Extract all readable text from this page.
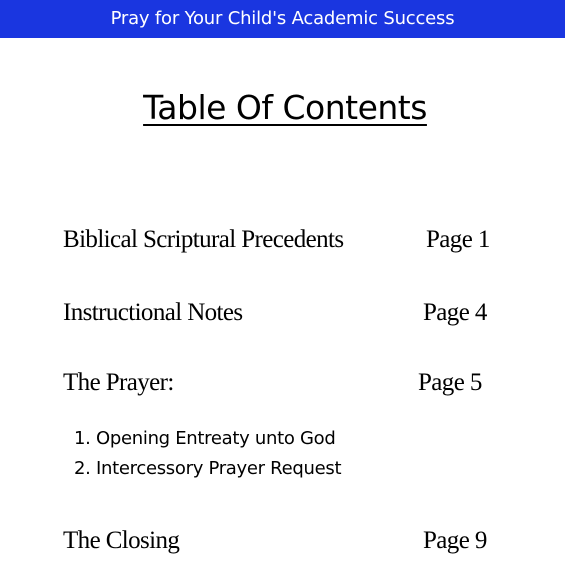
Pray for Your Child's Academic Success
Table Of Contents
Biblical Scriptural Precedents	Page 1
Instructional Notes	Page 4
The Prayer:	Page 5
1. Opening Entreaty unto God
2. Intercessory Prayer Request
The Closing	Page 9
